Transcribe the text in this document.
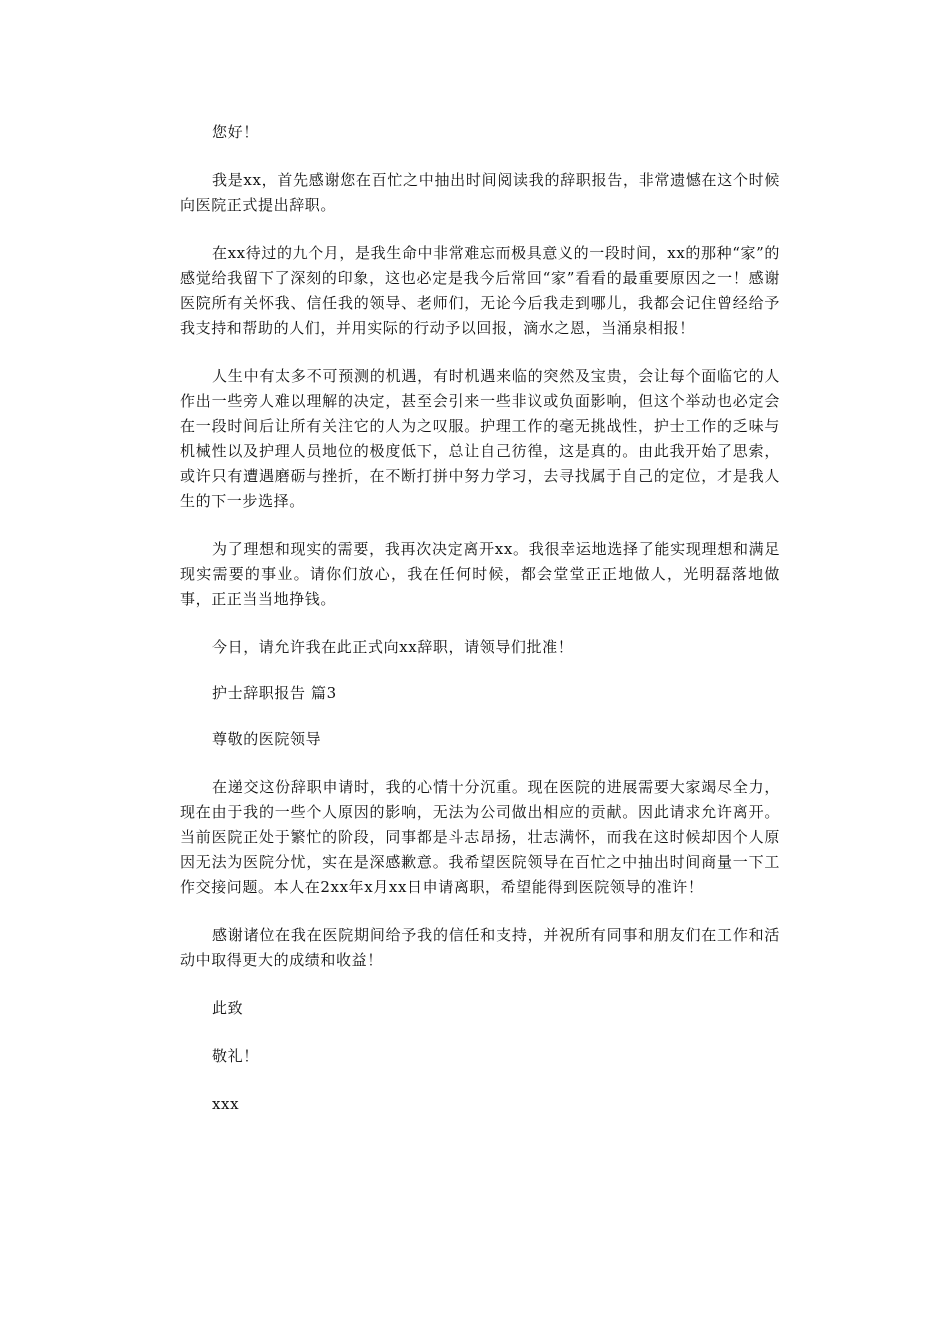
您好！

我是xx，首先感谢您在百忙之中抽出时间阅读我的辞职报告，非常遗憾在这个时候向医院正式提出辞职。

在xx待过的九个月，是我生命中非常难忘而极具意义的一段时间，xx的那种“家”的感觉给我留下了深刻的印象，这也必定是我今后常回“家”看看的最重要原因之一！感谢医院所有关怀我、信任我的领导、老师们，无论今后我走到哪儿，我都会记住曾经给予我支持和帮助的人们，并用实际的行动予以回报，滴水之恩，当涌泉相报！

人生中有太多不可预测的机遇，有时机遇来临的突然及宝贵，会让每个面临它的人作出一些旁人难以理解的决定，甚至会引来一些非议或负面影响，但这个举动也必定会在一段时间后让所有关注它的人为之叹服。护理工作的毫无挑战性，护士工作的乏味与机械性以及护理人员地位的极度低下，总让自己彷徨，这是真的。由此我开始了思索，或许只有遭遇磨砺与挫折，在不断打拼中努力学习，去寻找属于自己的定位，才是我人生的下一步选择。

为了理想和现实的需要，我再次决定离开xx。我很幸运地选择了能实现理想和满足现实需要的事业。请你们放心，我在任何时候，都会堂堂正正地做人，光明磊落地做事，正正当当地挣钱。

今日，请允许我在此正式向xx辞职，请领导们批准！

护士辞职报告 篇3

尊敬的医院领导

在递交这份辞职申请时，我的心情十分沉重。现在医院的进展需要大家竭尽全力，现在由于我的一些个人原因的影响，无法为公司做出相应的贡献。因此请求允许离开。当前医院正处于繁忙的阶段，同事都是斗志昂扬，壮志满怀，而我在这时候却因个人原因无法为医院分忧，实在是深感歉意。我希望医院领导在百忙之中抽出时间商量一下工作交接问题。本人在2xx年x月xx日申请离职，希望能得到医院领导的准许！

感谢诸位在我在医院期间给予我的信任和支持，并祝所有同事和朋友们在工作和活动中取得更大的成绩和收益！

此致

敬礼！

xxx
